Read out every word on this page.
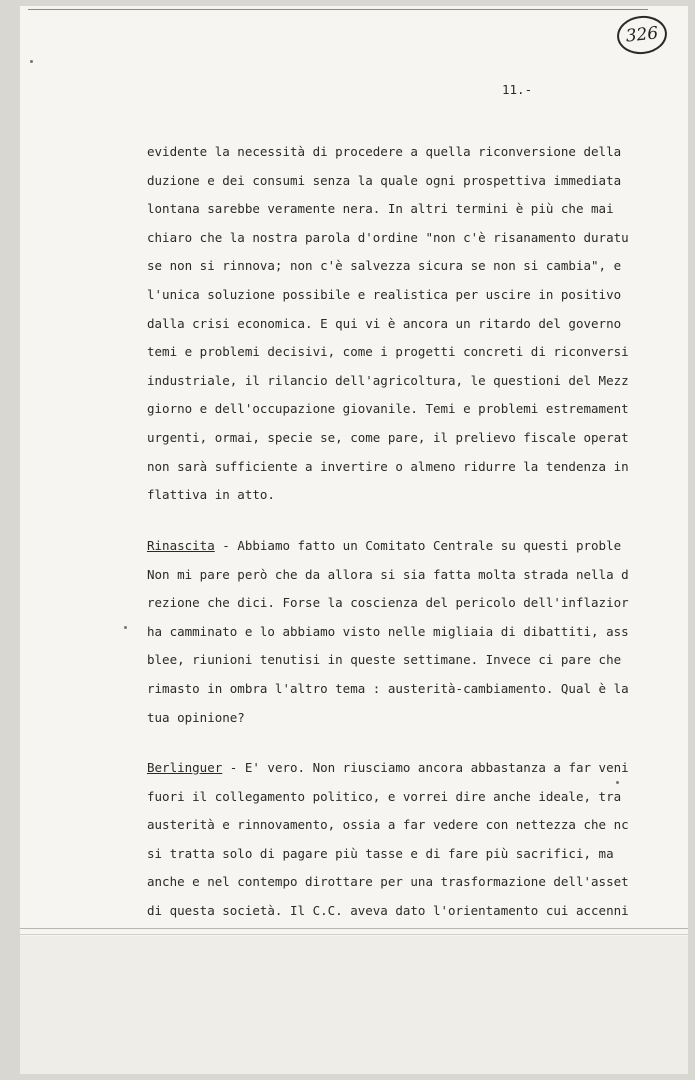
326
11.-
evidente la necessità di procedere a quella riconversione della
duzione e dei consumi senza la quale ogni prospettiva immediata
lontana sarebbe veramente nera. In altri termini è più che mai
chiaro che la nostra parola d'ordine "non c'è risanamento duratu
se non si rinnova; non c'è salvezza sicura se non si cambia", e
l'unica soluzione possibile e realistica per uscire in positivo
dalla crisi economica. E qui vi è ancora un ritardo del governo
temi e problemi decisivi, come i progetti concreti di riconversi
industriale, il rilancio dell'agricoltura, le questioni del Mezz
giorno e dell'occupazione giovanile. Temi e problemi estremament
urgenti, ormai, specie se, come pare, il prelievo fiscale operat
non sarà sufficiente a invertire o almeno ridurre la tendenza in
flattiva in atto.
Rinascita - Abbiamo fatto un Comitato Centrale su questi proble
Non mi pare però che da allora si sia fatta molta strada nella d
rezione che dici. Forse la coscienza del pericolo dell'inflazior
ha camminato e lo abbiamo visto nelle migliaia di dibattiti, ass
blee, riunioni tenutisi in queste settimane. Invece ci pare che
rimasto in ombra l'altro tema : austerità-cambiamento. Qual è la
tua opinione?
Berlinguer - E' vero. Non riusciamo ancora abbastanza a far veni
fuori il collegamento politico, e vorrei dire anche ideale, tra
austerità e rinnovamento, ossia a far vedere con nettezza che nc
si tratta solo di pagare più tasse e di fare più sacrifici, ma
anche e nel contempo dirottare per una trasformazione dell'asset
di questa società. Il C.C. aveva dato l'orientamento cui accenni
